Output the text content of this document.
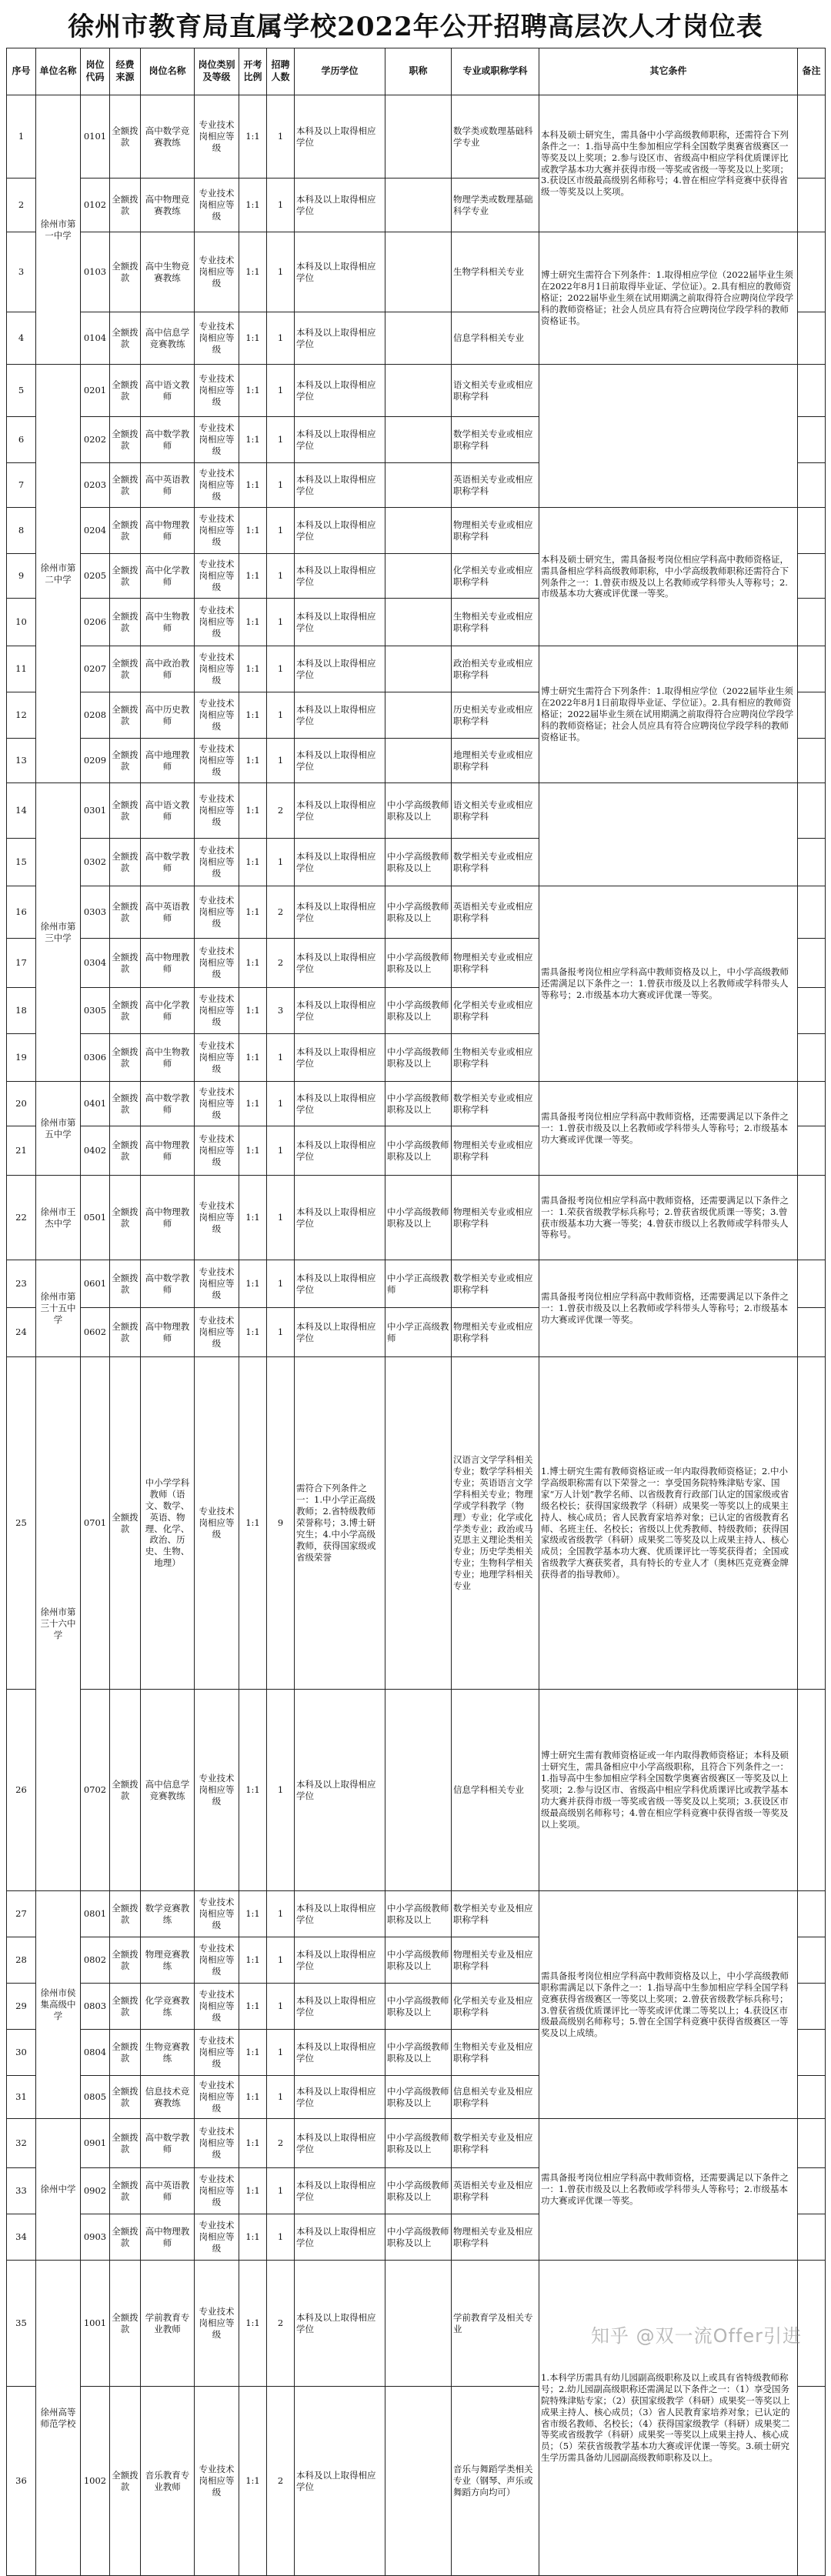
徐州市教育局直属学校2022年公开招聘高层次人才岗位表
序号	单位名称	岗位代码	经费来源	岗位名称	岗位类别及等级	开考比例	招聘人数	学历学位	职称	专业或职称学科	其它条件	备注
1	徐州市第一中学	0101	全额拨款	高中数学竞赛教练	专业技术岗相应等级	1:1	1	本科及以上取得相应学位		数学类或数理基础科学专业	本科及硕士研究生，需具备中小学高级教师职称，还需符合下列条件之一：1.指导高中生参加相应学科全国数学奥赛省级赛区一等奖及以上奖项；2.参与设区市、省级高中相应学科优质课评比或教学基本功大赛并获得市级一等奖或省级一等奖及以上奖项；3.获设区市级最高级别名师称号；4.曾在相应学科竞赛中获得省级一等奖及以上奖项。	
2		0102	全额拨款	高中物理竞赛教练	专业技术岗相应等级	1:1	1	本科及以上取得相应学位		物理学类或数理基础科学专业		
3		0103	全额拨款	高中生物竞赛教练	专业技术岗相应等级	1:1	1	本科及以上取得相应学位		生物学科相关专业	博士研究生需符合下列条件：1.取得相应学位（2022届毕业生须在2022年8月1日前取得毕业证、学位证）。2.具有相应的教师资格证；2022届毕业生须在试用期满之前取得符合应聘岗位学段学科的教师资格证；社会人员应具有符合应聘岗位学段学科的教师资格证书。	
4		0104	全额拨款	高中信息学竞赛教练	专业技术岗相应等级	1:1	1	本科及以上取得相应学位		信息学科相关专业		
5	徐州市第二中学	0201	全额拨款	高中语文教师	专业技术岗相应等级	1:1	1	本科及以上取得相应学位		语文相关专业或相应职称学科		
6		0202	全额拨款	高中数学教师	专业技术岗相应等级	1:1	1	本科及以上取得相应学位		数学相关专业或相应职称学科		
7		0203	全额拨款	高中英语教师	专业技术岗相应等级	1:1	1	本科及以上取得相应学位		英语相关专业或相应职称学科		
8		0204	全额拨款	高中物理教师	专业技术岗相应等级	1:1	1	本科及以上取得相应学位		物理相关专业或相应职称学科	本科及硕士研究生，需具备报考岗位相应学科高中教师资格证，需具备相应学科高级教师职称，中小学高级教师职称还需符合下列条件之一：1.曾获市级及以上名教师或学科带头人等称号；2.市级基本功大赛或评优课一等奖。	
9		0205	全额拨款	高中化学教师	专业技术岗相应等级	1:1	1	本科及以上取得相应学位		化学相关专业或相应职称学科		
10		0206	全额拨款	高中生物教师	专业技术岗相应等级	1:1	1	本科及以上取得相应学位		生物相关专业或相应职称学科		
11		0207	全额拨款	高中政治教师	专业技术岗相应等级	1:1	1	本科及以上取得相应学位		政治相关专业或相应职称学科	博士研究生需符合下列条件：1.取得相应学位（2022届毕业生须在2022年8月1日前取得毕业证、学位证）。2.具有相应的教师资格证；2022届毕业生须在试用期满之前取得符合应聘岗位学段学科的教师资格证；社会人员应具有符合应聘岗位学段学科的教师资格证书。	
12		0208	全额拨款	高中历史教师	专业技术岗相应等级	1:1	1	本科及以上取得相应学位		历史相关专业或相应职称学科		
13		0209	全额拨款	高中地理教师	专业技术岗相应等级	1:1	1	本科及以上取得相应学位		地理相关专业或相应职称学科		
14	徐州市第三中学	0301	全额拨款	高中语文教师	专业技术岗相应等级	1:1	2	本科及以上取得相应学位	中小学高级教师职称及以上	语文相关专业或相应职称学科		
15		0302	全额拨款	高中数学教师	专业技术岗相应等级	1:1	1	本科及以上取得相应学位	中小学高级教师职称及以上	数学相关专业或相应职称学科		
16		0303	全额拨款	高中英语教师	专业技术岗相应等级	1:1	2	本科及以上取得相应学位	中小学高级教师职称及以上	英语相关专业或相应职称学科	需具备报考岗位相应学科高中教师资格及以上，中小学高级教师还需满足以下条件之一：1.曾获市级及以上名教师或学科带头人等称号；2.市级基本功大赛或评优课一等奖。	
17		0304	全额拨款	高中物理教师	专业技术岗相应等级	1:1	2	本科及以上取得相应学位	中小学高级教师职称及以上	物理相关专业或相应职称学科		
18		0305	全额拨款	高中化学教师	专业技术岗相应等级	1:1	3	本科及以上取得相应学位	中小学高级教师职称及以上	化学相关专业或相应职称学科		
19		0306	全额拨款	高中生物教师	专业技术岗相应等级	1:1	1	本科及以上取得相应学位	中小学高级教师职称及以上	生物相关专业或相应职称学科		
20	徐州市第五中学	0401	全额拨款	高中数学教师	专业技术岗相应等级	1:1	1	本科及以上取得相应学位	中小学高级教师职称及以上	数学相关专业或相应职称学科	需具备报考岗位相应学科高中教师资格，还需要满足以下条件之一：1.曾获市级及以上名教师或学科带头人等称号；2.市级基本功大赛或评优课一等奖。	
21		0402	全额拨款	高中物理教师	专业技术岗相应等级	1:1	1	本科及以上取得相应学位	中小学高级教师职称及以上	物理相关专业或相应职称学科		
22	徐州市王杰中学	0501	全额拨款	高中物理教师	专业技术岗相应等级	1:1	1	本科及以上取得相应学位	中小学高级教师职称及以上	物理相关专业或相应职称学科	需具备报考岗位相应学科高中教师资格，还需要满足以下条件之一：1.荣获省级教学标兵称号；2.曾获省级优质课一等奖；3.曾获市级基本功大赛一等奖；4.曾获市级以上名教师或学科带头人等称号。	
23	徐州市第三十五中学	0601	全额拨款	高中数学教师	专业技术岗相应等级	1:1	1	本科及以上取得相应学位	中小学正高级教师	数学相关专业或相应职称学科	需具备报考岗位相应学科高中教师资格，还需要满足以下条件之一：1.曾获市级及以上名教师或学科带头人等称号；2.市级基本功大赛或评优课一等奖。	
24		0602	全额拨款	高中物理教师	专业技术岗相应等级	1:1	1	本科及以上取得相应学位	中小学正高级教师	物理相关专业或相应职称学科		
25	徐州市第三十六中学	0701	全额拨款	中小学学科教师（语文、数学、英语、物理、化学、政治、历史、生物、地理）	专业技术岗相应等级	1:1	9	需符合下列条件之一：1.中小学正高级教师；2.省特级教师荣誉称号；3.博士研究生；4.中小学高级教师，获得国家级或省级荣誉		汉语言文学学科相关专业；数学学科相关专业；英语语言文学学科相关专业；物理学或学科教学（物理）专业；化学或化学类专业；政治或马克思主义理论类相关专业；历史学类相关专业；生物科学相关专业；地理学科相关专业	1.博士研究生需有教师资格证或一年内取得教师资格证；2.中小学高级职称需有以下荣誉之一：享受国务院特殊津贴专家、国家“万人计划”教学名师、以省级教育行政部门认定的国家级或省级名校长；获得国家级教学（科研）成果奖一等奖以上的成果主持人、核心成员；省人民教育家培养对象；已认定的省级教育名师、名班主任、名校长；省级以上优秀教师、特级教师；获得国家级或省级教学（科研）成果奖二等奖及以上成果主持人、核心成员；全国教学基本功大赛、优质课评比一等奖获得者；全国或省级教学大赛获奖者，具有特长的专业人才（奥林匹克竞赛金牌获得者的指导教师）。	
26		0702	全额拨款	高中信息学竞赛教练	专业技术岗相应等级	1:1	1	本科及以上取得相应学位		信息学科相关专业	博士研究生需有教师资格证或一年内取得教师资格证；本科及硕士研究生，需具备相应中小学高级职称，且符合下列条件之一：1.指导高中生参加相应学科全国数学奥赛省级赛区一等奖及以上奖项；2.参与设区市、省级高中相应学科优质课评比或教学基本功大赛并获得市级一等奖或省级一等奖及以上奖项；3.获设区市级最高级别名师称号；4.曾在相应学科竞赛中获得省级一等奖及以上奖项。	
27	徐州市侯集高级中学	0801	全额拨款	数学竞赛教练	专业技术岗相应等级	1:1	1	本科及以上取得相应学位	中小学高级教师职称及以上	数学相关专业及相应职称学科	需具备报考岗位相应学科高中教师资格及以上，中小学高级教师职称需满足以下条件之一：1.指导高中生参加相应学科全国学科竞赛获得省级赛区一等奖以上奖项；2.曾获省级教学标兵称号；3.曾获省级优质课评比一等奖或评优课二等奖以上；4.获设区市级最高级别名师称号；5.曾在全国学科竞赛中获得省级赛区一等奖及以上成绩。	
28		0802	全额拨款	物理竞赛教练	专业技术岗相应等级	1:1	1	本科及以上取得相应学位	中小学高级教师职称及以上	物理相关专业及相应职称学科		
29		0803	全额拨款	化学竞赛教练	专业技术岗相应等级	1:1	1	本科及以上取得相应学位	中小学高级教师职称及以上	化学相关专业及相应职称学科		
30		0804	全额拨款	生物竞赛教练	专业技术岗相应等级	1:1	1	本科及以上取得相应学位	中小学高级教师职称及以上	生物相关专业及相应职称学科		
31		0805	全额拨款	信息技术竞赛教练	专业技术岗相应等级	1:1	1	本科及以上取得相应学位	中小学高级教师职称及以上	信息相关专业及相应职称学科		
32	徐州中学	0901	全额拨款	高中数学教师	专业技术岗相应等级	1:1	2	本科及以上取得相应学位	中小学高级教师职称及以上	数学相关专业及相应职称学科	需具备报考岗位相应学科高中教师资格，还需要满足以下条件之一：1.曾获市级及以上名教师或学科带头人等称号；2.市级基本功大赛或评优课一等奖。	
33		0902	全额拨款	高中英语教师	专业技术岗相应等级	1:1	1	本科及以上取得相应学位	中小学高级教师职称及以上	英语相关专业及相应职称学科		
34		0903	全额拨款	高中物理教师	专业技术岗相应等级	1:1	1	本科及以上取得相应学位	中小学高级教师职称及以上	物理相关专业及相应职称学科		
35	徐州高等师范学校	1001	全额拨款	学前教育专业教师	专业技术岗相应等级	1:1	2	本科及以上取得相应学位		学前教育学及相关专业	1.本科学历需具有幼儿园副高级职称及以上或具有省特级教师称号；2.幼儿园副高级职称还需满足以下条件之一：（1）享受国务院特殊津贴专家；（2）获国家级教学（科研）成果奖一等奖以上成果主持人、核心成员；（3）省人民教育家培养对象；已认定的省市级名教师、名校长；（4）获得国家级教学（科研）成果奖二等奖或省级教学（科研）成果奖一等奖以上成果主持人、核心成员；（5）荣获省级教学基本功大赛或评优课一等奖。3.硕士研究生学历需具备幼儿园副高级教师职称及以上。	
36		1002	全额拨款	音乐教育专业教师	专业技术岗相应等级	1:1	2	本科及以上取得相应学位		音乐与舞蹈学类相关专业（钢琴、声乐或舞蹈方向均可）		
知乎 @双一流Offer引进
